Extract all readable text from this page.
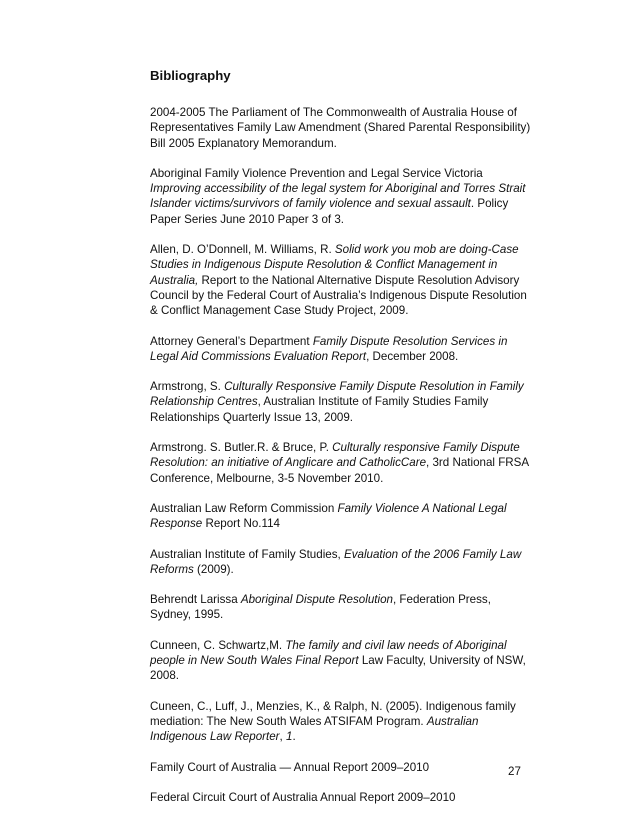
Bibliography
2004-2005 The Parliament of The Commonwealth of Australia House of Representatives Family Law Amendment (Shared Parental Responsibility) Bill 2005 Explanatory Memorandum.
Aboriginal Family Violence Prevention and Legal Service Victoria Improving accessibility of the legal system for Aboriginal and Torres Strait Islander victims/survivors of family violence and sexual assault. Policy Paper Series June 2010 Paper 3 of 3.
Allen, D. O’Donnell, M. Williams, R. Solid work you mob are doing-Case Studies in Indigenous Dispute Resolution & Conflict Management in Australia, Report to the National Alternative Dispute Resolution Advisory Council by the Federal Court of Australia’s Indigenous Dispute Resolution & Conflict Management Case Study Project, 2009.
Attorney General’s Department Family Dispute Resolution Services in Legal Aid Commissions Evaluation Report, December 2008.
Armstrong, S. Culturally Responsive Family Dispute Resolution in Family Relationship Centres, Australian Institute of Family Studies Family Relationships Quarterly Issue 13, 2009.
Armstrong. S. Butler.R. & Bruce, P. Culturally responsive Family Dispute Resolution: an initiative of Anglicare and CatholicCare, 3rd National FRSA Conference, Melbourne, 3-5 November 2010.
Australian Law Reform Commission Family Violence A National Legal Response Report No.114
Australian Institute of Family Studies, Evaluation of the 2006 Family Law Reforms (2009).
Behrendt Larissa Aboriginal Dispute Resolution, Federation Press, Sydney, 1995.
Cunneen, C. Schwartz,M. The family and civil law needs of Aboriginal people in New South Wales Final Report Law Faculty, University of NSW, 2008.
Cuneen, C., Luff, J., Menzies, K., & Ralph, N. (2005). Indigenous family mediation: The New South Wales ATSIFAM Program. Australian Indigenous Law Reporter, 1.
Family Court of Australia — Annual Report 2009–2010
Federal Circuit Court of Australia Annual Report 2009–2010
27
